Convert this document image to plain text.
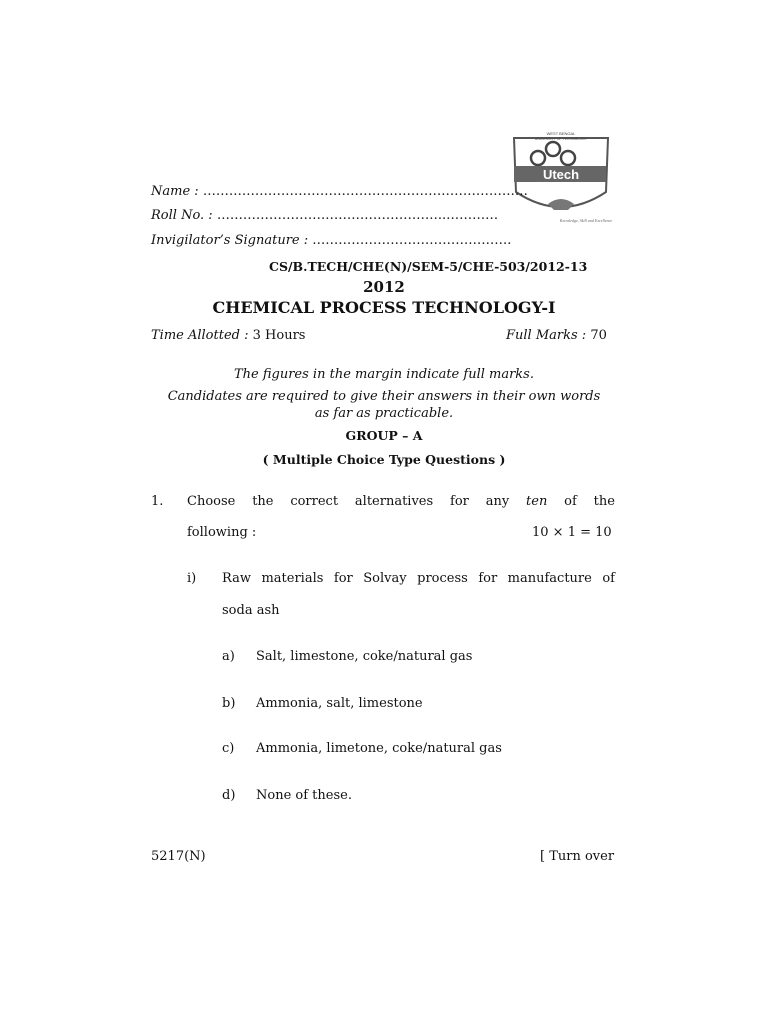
Utech
WEST BENGAL
UNIVERSITY OF TECHNOLOGY
Knowledge, Skill and Excellence
Name : …………………………………………………………………
Roll No. : ……………………………………………..…………
Invigilator’s Signature : ……………………………………….
CS/B.TECH/CHE(N)/SEM-5/CHE-503/2012-13
2012
CHEMICAL PROCESS TECHNOLOGY-I
Time Allotted : 3 Hours	Full Marks : 70
The figures in the margin indicate full marks.
Candidates are required to give their answers in their own words
as far as practicable.
GROUP – A
( Multiple Choice Type Questions )
1. Choose the correct alternatives for any ten of the
following :	10 × 1 = 10
i) Raw materials for Solvay process for manufacture of
soda ash
a) Salt, limestone, coke/natural gas
b) Ammonia, salt, limestone
c) Ammonia, limetone, coke/natural gas
d) None of these.
5217(N)	[ Turn over
